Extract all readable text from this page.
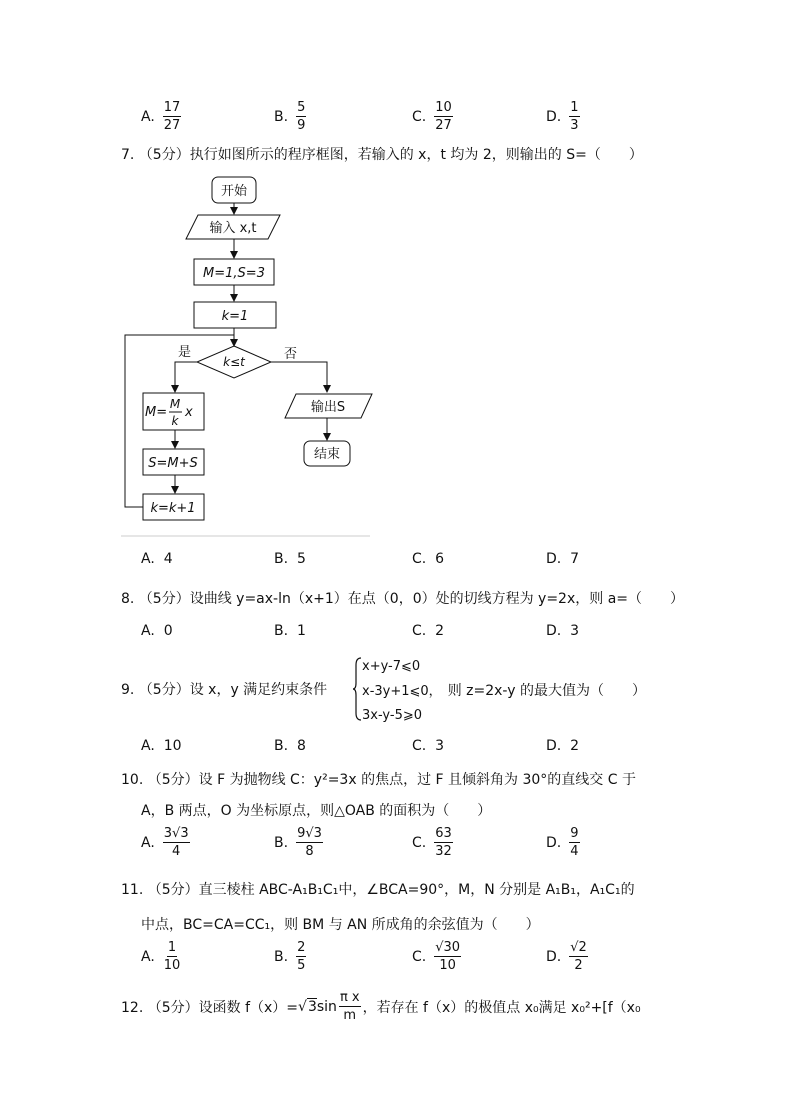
A. $\frac{17}{27}$	B. $\frac{5}{9}$	C. $\frac{10}{27}$	D. $\frac{1}{3}$
7. （5分）执行如图所示的程序框图，若输入的 x，t 均为 2，则输出的 S=（　　）
开始
输入 x,t
M=1,S=3
k=1
k≤t
是	否
M=
M
k
x
S=M+S
k=k+1
输出S
结束
A. 4	B. 5	C. 6	D. 7
8. （5分）设曲线 y=ax-ln（x+1）在点（0，0）处的切线方程为 y=2x，则 a=（　　）
A. 0	B. 1	C. 2	D. 3
9. （5分）设 x，y 满足约束条件
x+y-7⩽0
x-3y+1⩽0， 则 z=2x-y 的最大值为（　　）
3x-y-5⩾0
A. 10	B. 8	C. 3	D. 2
10. （5分）设 F 为抛物线 C：y²=3x 的焦点，过 F 且倾斜角为 30°的直线交 C 于
A，B 两点，O 为坐标原点，则△OAB 的面积为（　　）
A. $\frac{3√3}{4}$	B. $\frac{9√3}{8}$	C. $\frac{63}{32}$	D. $\frac{9}{4}$
11. （5分）直三棱柱 ABC-A₁B₁C₁中，∠BCA=90°，M，N 分别是 A₁B₁，A₁C₁的
中点，BC=CA=CC₁，则 BM 与 AN 所成角的余弦值为（　　）
A. $\frac{1}{10}$	B. $\frac{2}{5}$	C. $\frac{√30}{10}$	D. $\frac{√2}{2}$
12. （5分）设函数 f（x）= √ 3 $\sin \frac{\text{π x}}{m}$ ，若存在 f（x）的极值点 x₀满足 x₀²+[f（x₀
